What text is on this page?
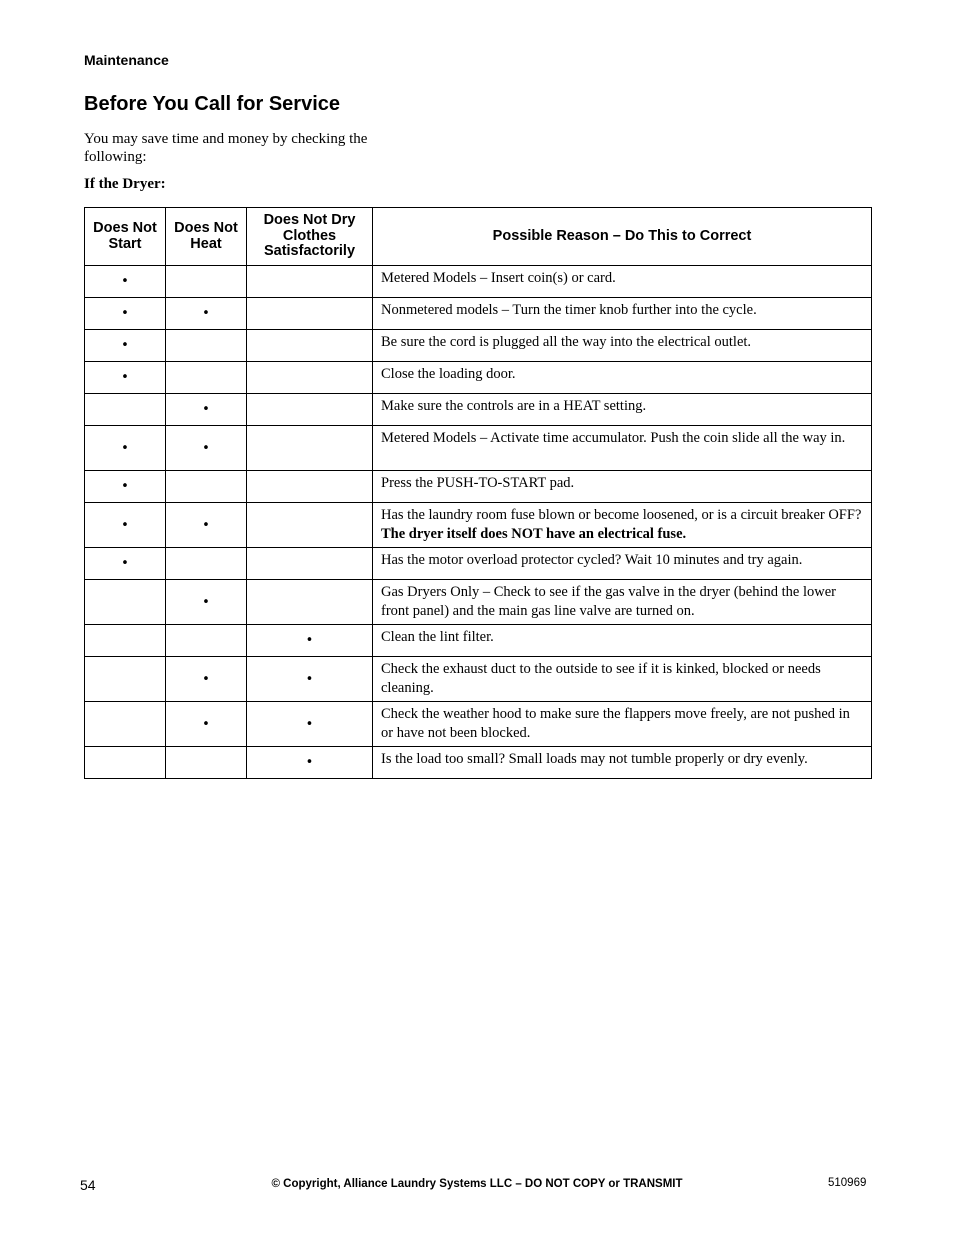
Maintenance
Before You Call for Service
You may save time and money by checking the following:
If the Dryer:
Does Not Start	Does Not Heat	Does Not Dry Clothes Satisfactorily	Possible Reason – Do This to Correct
•			Metered Models – Insert coin(s) or card.
•	•		Nonmetered models – Turn the timer knob further into the cycle.
•			Be sure the cord is plugged all the way into the electrical outlet.
•			Close the loading door.
	•		Make sure the controls are in a HEAT setting.
•	•		Metered Models – Activate time accumulator. Push the coin slide all the way in.
•			Press the PUSH-TO-START pad.
•	•		Has the laundry room fuse blown or become loosened, or is a circuit breaker OFF? The dryer itself does NOT have an electrical fuse.
•			Has the motor overload protector cycled? Wait 10 minutes and try again.
	•		Gas Dryers Only – Check to see if the gas valve in the dryer (behind the lower front panel) and the main gas line valve are turned on.
		•	Clean the lint filter.
	•	•	Check the exhaust duct to the outside to see if it is kinked, blocked or needs cleaning.
	•	•	Check the weather hood to make sure the flappers move freely, are not pushed in or have not been blocked.
		•	Is the load too small? Small loads may not tumble properly or dry evenly.
54	© Copyright, Alliance Laundry Systems LLC – DO NOT COPY or TRANSMIT	510969
